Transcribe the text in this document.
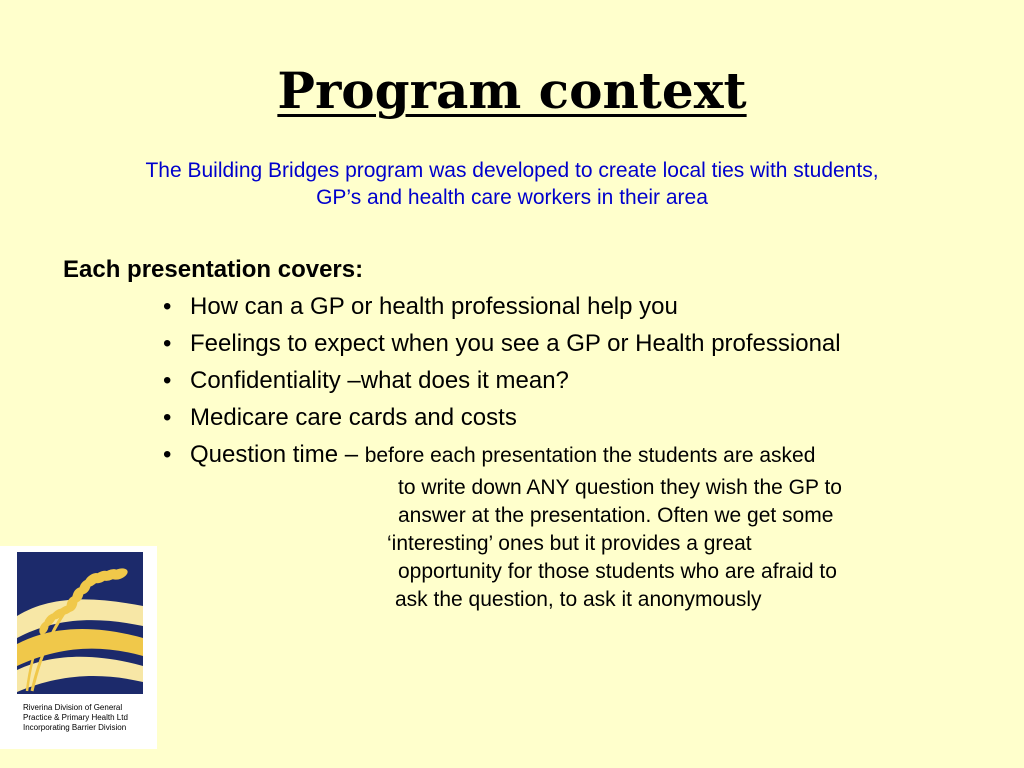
Program context
The Building Bridges program was developed to create local ties with students,
GP’s and health care workers in their area
Each presentation covers:
• How can a GP or health professional help you
• Feelings to expect when you see a GP or Health professional
• Confidentiality –what does it mean?
• Medicare care cards and costs
• Question time – before each presentation the students are asked
to write down ANY question they wish the GP to
answer at the presentation. Often we get some
‘interesting’ ones but it provides a great
opportunity for those students who are afraid to
ask the question, to ask it anonymously
Riverina Division of General
Practice & Primary Health Ltd
Incorporating Barrier Division
